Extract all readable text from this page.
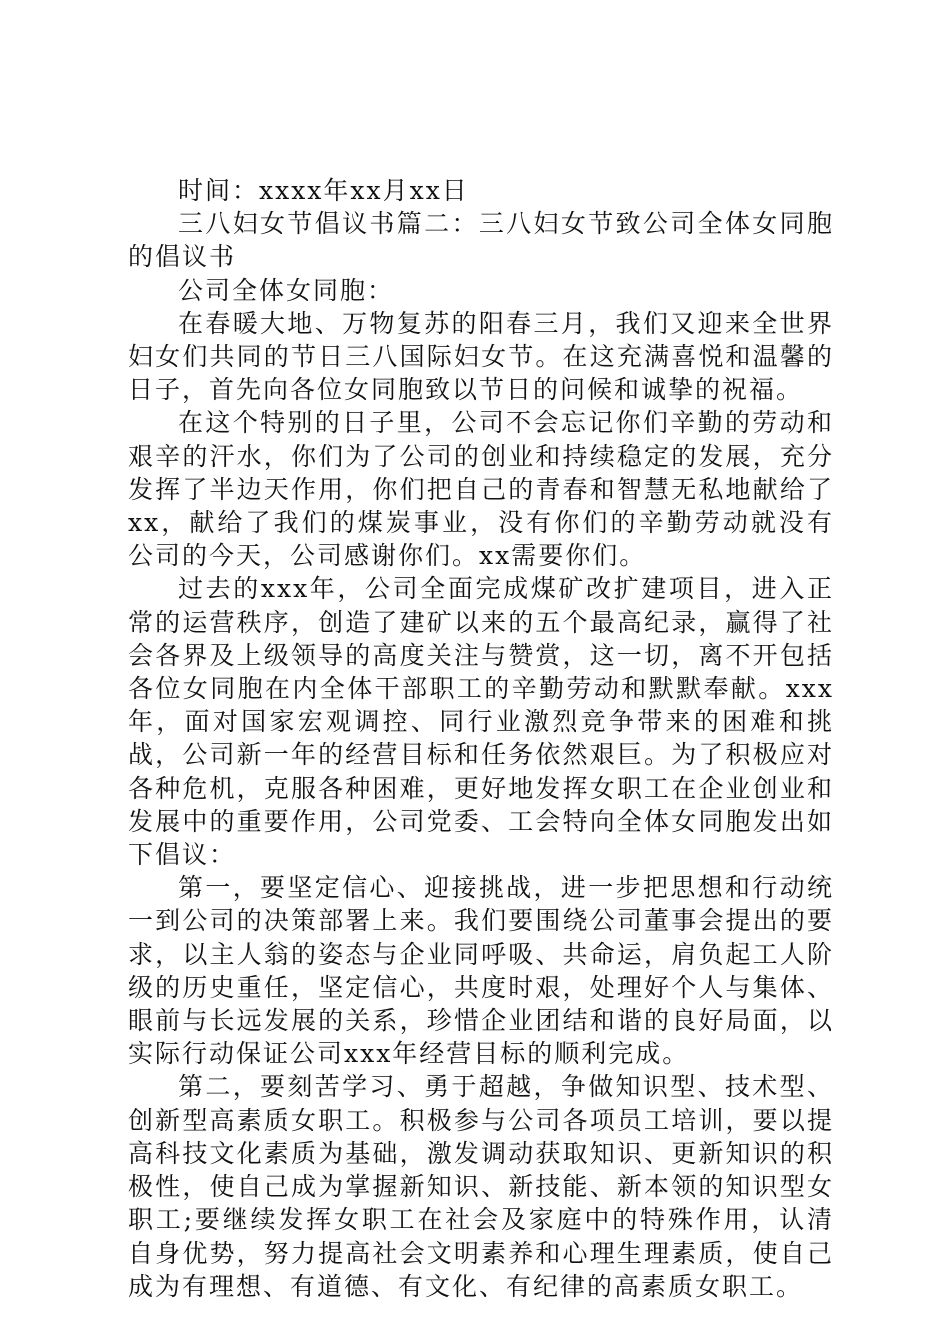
时间：xxxx年xx月xx日

三八妇女节倡议书篇二：三八妇女节致公司全体女同胞的倡议书

公司全体女同胞：

在春暖大地、万物复苏的阳春三月，我们又迎来全世界妇女们共同的节日三八国际妇女节。在这充满喜悦和温馨的日子，首先向各位女同胞致以节日的问候和诚挚的祝福。

在这个特别的日子里，公司不会忘记你们辛勤的劳动和艰辛的汗水，你们为了公司的创业和持续稳定的发展，充分发挥了半边天作用，你们把自己的青春和智慧无私地献给了xx，献给了我们的煤炭事业，没有你们的辛勤劳动就没有公司的今天，公司感谢你们。xx需要你们。

过去的xxx年，公司全面完成煤矿改扩建项目，进入正常的运营秩序，创造了建矿以来的五个最高纪录，赢得了社会各界及上级领导的高度关注与赞赏，这一切，离不开包括各位女同胞在内全体干部职工的辛勤劳动和默默奉献。xxx年，面对国家宏观调控、同行业激烈竞争带来的困难和挑战，公司新一年的经营目标和任务依然艰巨。为了积极应对各种危机，克服各种困难，更好地发挥女职工在企业创业和发展中的重要作用，公司党委、工会特向全体女同胞发出如下倡议：

第一，要坚定信心、迎接挑战，进一步把思想和行动统一到公司的决策部署上来。我们要围绕公司董事会提出的要求，以主人翁的姿态与企业同呼吸、共命运，肩负起工人阶级的历史重任，坚定信心，共度时艰，处理好个人与集体、眼前与长远发展的关系，珍惜企业团结和谐的良好局面，以实际行动保证公司xxx年经营目标的顺利完成。

第二，要刻苦学习、勇于超越，争做知识型、技术型、创新型高素质女职工。积极参与公司各项员工培训，要以提高科技文化素质为基础，激发调动获取知识、更新知识的积极性，使自己成为掌握新知识、新技能、新本领的知识型女职工;要继续发挥女职工在社会及家庭中的特殊作用，认清自身优势，努力提高社会文明素养和心理生理素质，使自己成为有理想、有道德、有文化、有纪律的高素质女职工。
